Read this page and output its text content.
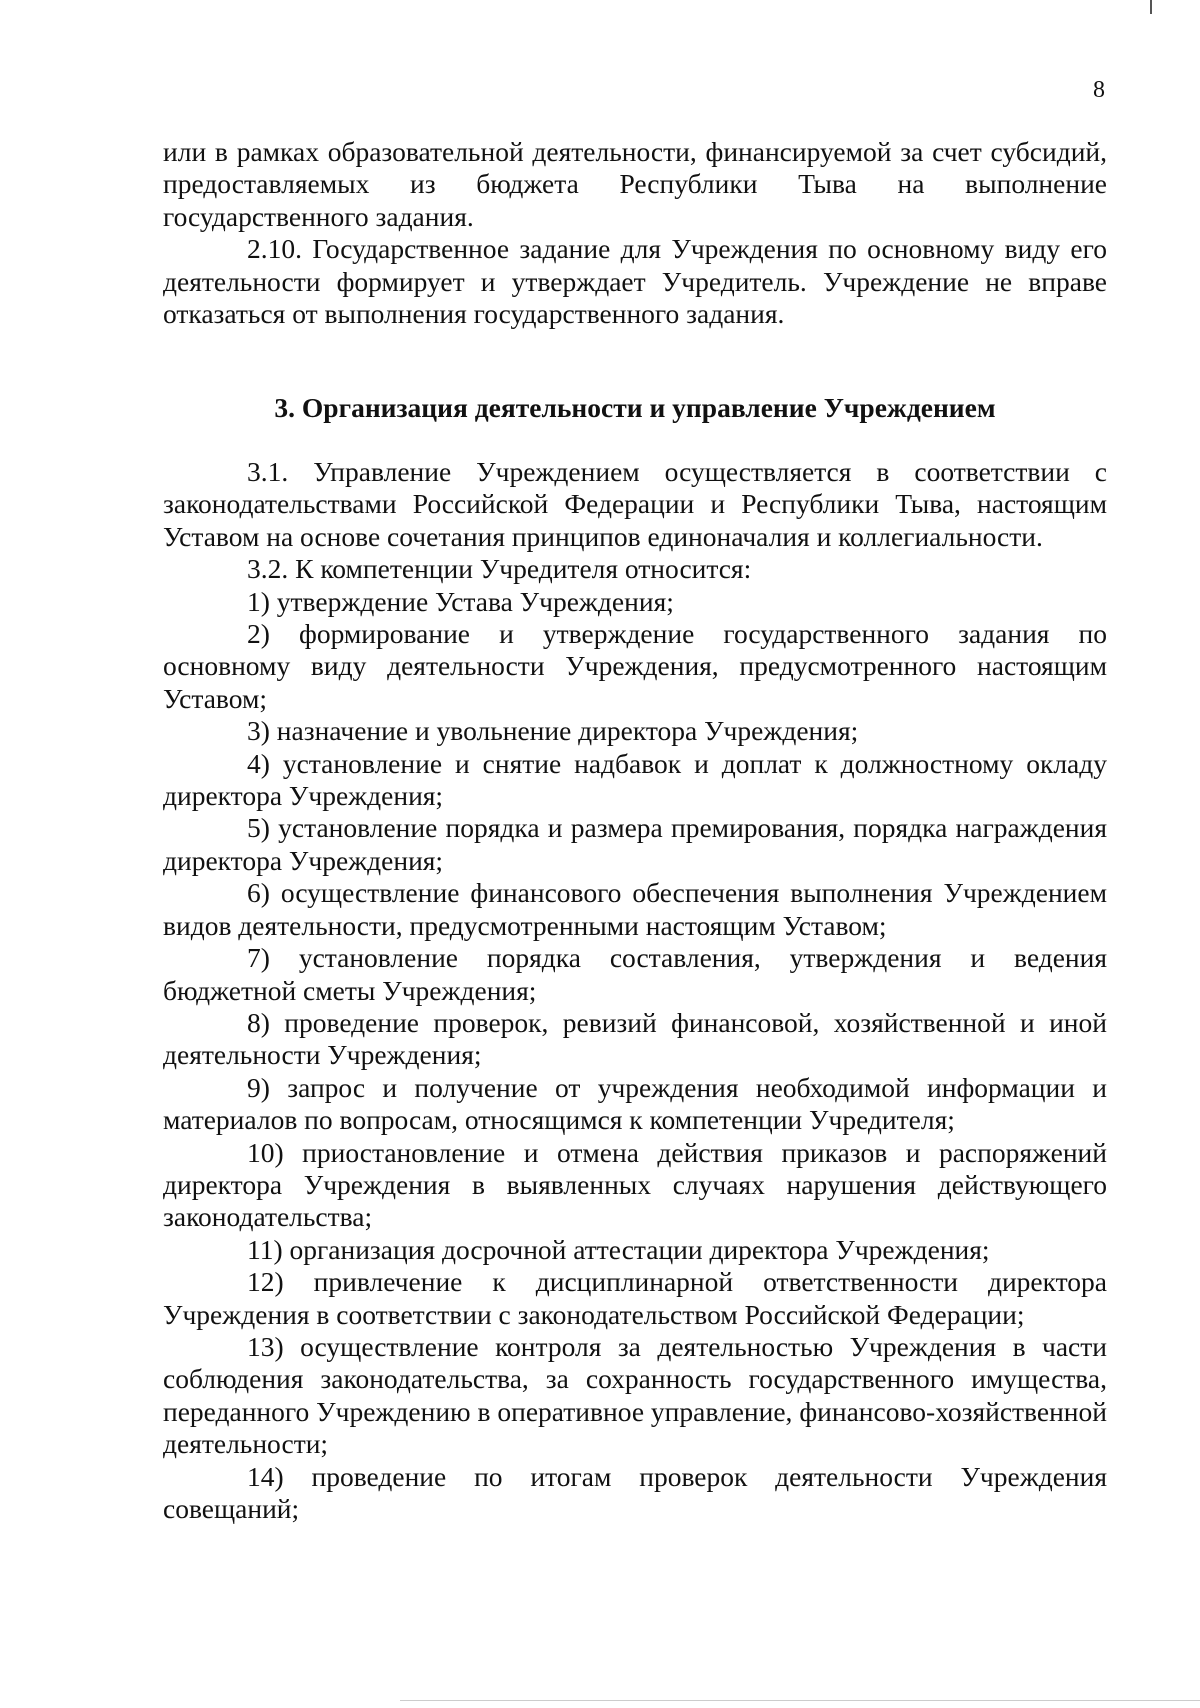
8

или в рамках образовательной деятельности, финансируемой за счет субсидий, предоставляемых из бюджета Республики Тыва на выполнение государственного задания.

2.10. Государственное задание для Учреждения по основному виду его деятельности формирует и утверждает Учредитель. Учреждение не вправе отказаться от выполнения государственного задания.

3. Организация деятельности и управление Учреждением

3.1. Управление Учреждением осуществляется в соответствии с законодательствами Российской Федерации и Республики Тыва, настоящим Уставом на основе сочетания принципов единоначалия и коллегиальности.

3.2. К компетенции Учредителя относится:

1) утверждение Устава Учреждения;

2) формирование и утверждение государственного задания по основному виду деятельности Учреждения, предусмотренного настоящим Уставом;

3) назначение и увольнение директора Учреждения;

4) установление и снятие надбавок и доплат к должностному окладу директора Учреждения;

5) установление порядка и размера премирования, порядка награждения директора Учреждения;

6) осуществление финансового обеспечения выполнения Учреждением видов деятельности, предусмотренными настоящим Уставом;

7) установление порядка составления, утверждения и ведения бюджетной сметы Учреждения;

8) проведение проверок, ревизий финансовой, хозяйственной и иной деятельности Учреждения;

9) запрос и получение от учреждения необходимой информации и материалов по вопросам, относящимся к компетенции Учредителя;

10) приостановление и отмена действия приказов и распоряжений директора Учреждения в выявленных случаях нарушения действующего законодательства;

11) организация досрочной аттестации директора Учреждения;

12) привлечение к дисциплинарной ответственности директора Учреждения в соответствии с законодательством Российской Федерации;

13) осуществление контроля за деятельностью Учреждения в части соблюдения законодательства, за сохранность государственного имущества, переданного Учреждению в оперативное управление, финансово-хозяйственной деятельности;

14) проведение по итогам проверок деятельности Учреждения совещаний;
